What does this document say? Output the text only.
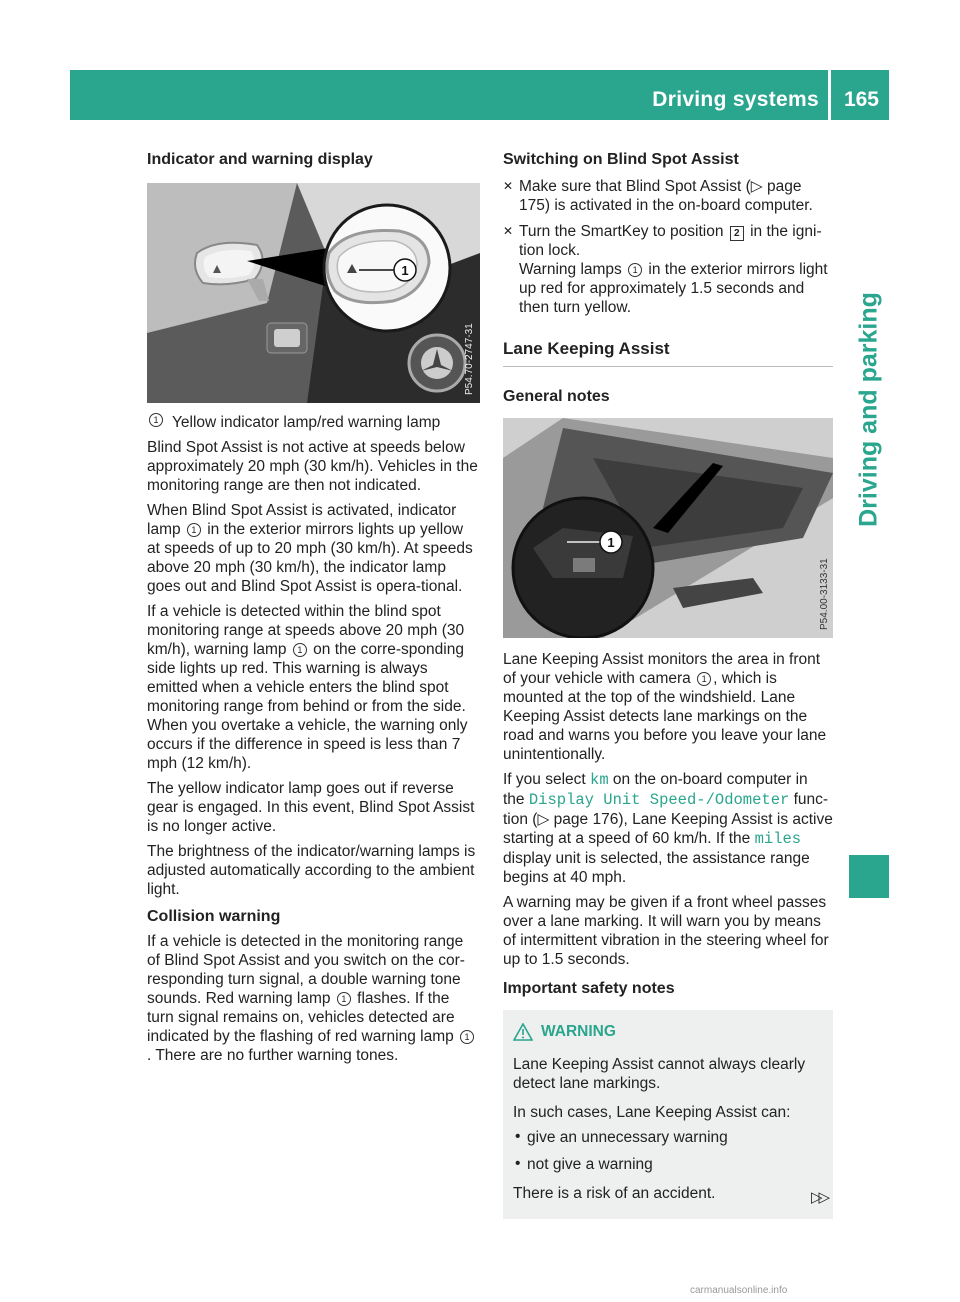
Driving systems 165
Driving and parking
Indicator and warning display
1
P54.70-2747-31
1 Yellow indicator lamp/red warning lamp

Blind Spot Assist is not active at speeds below approximately 20 mph (30 km/h). Vehicles in the monitoring range are then not indicated.

When Blind Spot Assist is activated, indicator lamp 1 in the exterior mirrors lights up yellow at speeds of up to 20 mph (30 km/h). At speeds above 20 mph (30 km/h), the indicator lamp goes out and Blind Spot Assist is opera-tional.

If a vehicle is detected within the blind spot monitoring range at speeds above 20 mph (30 km/h), warning lamp 1 on the corre-sponding side lights up red. This warning is always emitted when a vehicle enters the blind spot monitoring range from behind or from the side. When you overtake a vehicle, the warning only occurs if the difference in speed is less than 7 mph (12 km/h).

The yellow indicator lamp goes out if reverse gear is engaged. In this event, Blind Spot Assist is no longer active.

The brightness of the indicator/warning lamps is adjusted automatically according to the ambient light.

Collision warning

If a vehicle is detected in the monitoring range of Blind Spot Assist and you switch on the cor-responding turn signal, a double warning tone sounds. Red warning lamp 1 flashes. If the turn signal remains on, vehicles detected are indicated by the flashing of red warning lamp 1. There are no further warning tones.

Switching on Blind Spot Assist
✕ Make sure that Blind Spot Assist (▷ page 175) is activated in the on-board computer.
✕ Turn the SmartKey to position 2 in the igni-tion lock.
Warning lamps 1 in the exterior mirrors light up red for approximately 1.5 seconds and then turn yellow.
Lane Keeping Assist
General notes
1
P54.00-3133-31

Lane Keeping Assist monitors the area in front of your vehicle with camera 1 , which is mounted at the top of the windshield. Lane Keeping Assist detects lane markings on the road and warns you before you leave your lane unintentionally.

If you select km on the on-board computer in the Display Unit Speed-/Odometer func-tion (▷ page 176), Lane Keeping Assist is active starting at a speed of 60 km/h. If the miles display unit is selected, the assistance range begins at 40 mph.

A warning may be given if a front wheel passes over a lane marking. It will warn you by means of intermittent vibration in the steering wheel for up to 1.5 seconds.

Important safety notes
WARNING

Lane Keeping Assist cannot always clearly detect lane markings.

In such cases, Lane Keeping Assist can:

• give an unnecessary warning
• not give a warning

There is a risk of an accident.	▷▷
carmanualsonline.info
